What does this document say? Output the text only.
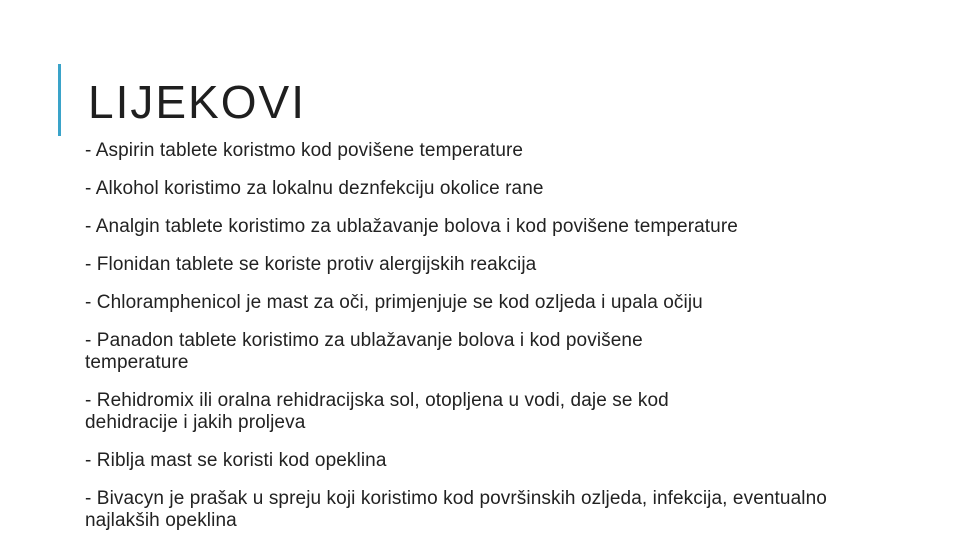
LIJEKOVI
- Aspirin tablete koristmo kod povišene temperature
- Alkohol koristimo za lokalnu deznfekciju okolice rane
- Analgin tablete koristimo za ublažavanje bolova i kod povišene temperature
- Flonidan tablete se koriste protiv alergijskih reakcija
- Chloramphenicol je mast za oči, primjenjuje se kod ozljeda i upala očiju
- Panadon tablete koristimo za ublažavanje bolova i kod povišene temperature
- Rehidromix ili oralna rehidracijska sol, otopljena u vodi, daje se kod dehidracije i jakih proljeva
- Riblja mast se koristi kod opeklina
- Bivacyn je prašak u spreju koji koristimo kod površinskih ozljeda, infekcija, eventualno najlakših opeklina
